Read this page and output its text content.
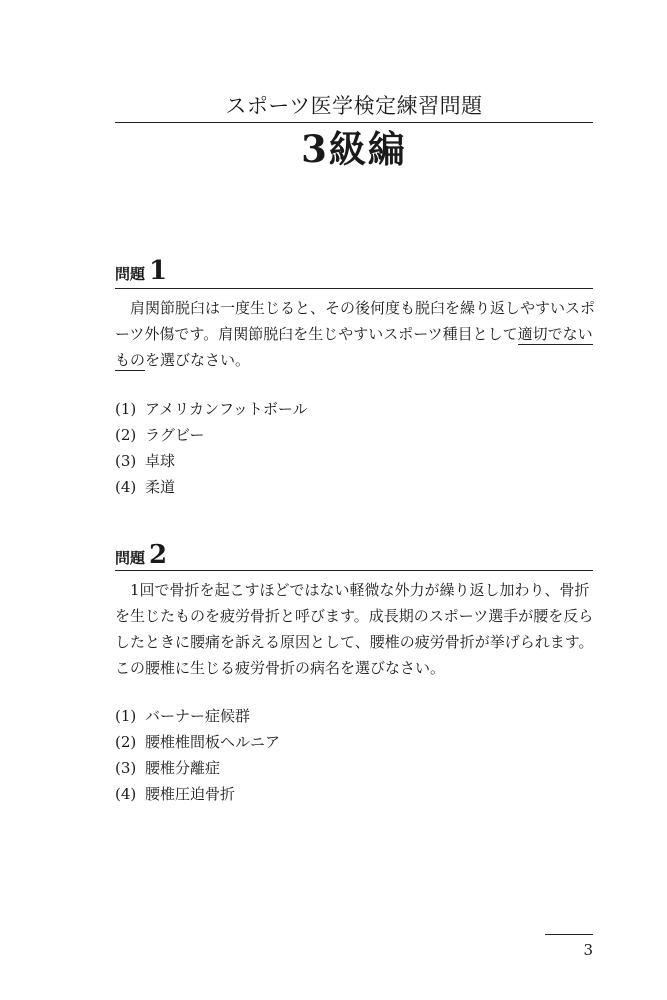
スポーツ医学検定練習問題
3級編
問題 1
肩関節脱臼は一度生じると、その後何度も脱臼を繰り返しやすいスポ
ーツ外傷です。肩関節脱臼を生じやすいスポーツ種目として適切でない
ものを選びなさい。
(1) アメリカンフットボール
(2) ラグビー
(3) 卓球
(4) 柔道
問題 2
1回で骨折を起こすほどではない軽微な外力が繰り返し加わり、骨折
を生じたものを疲労骨折と呼びます。成長期のスポーツ選手が腰を反ら
したときに腰痛を訴える原因として、腰椎の疲労骨折が挙げられます。
この腰椎に生じる疲労骨折の病名を選びなさい。
(1) バーナー症候群
(2) 腰椎椎間板ヘルニア
(3) 腰椎分離症
(4) 腰椎圧迫骨折
3
